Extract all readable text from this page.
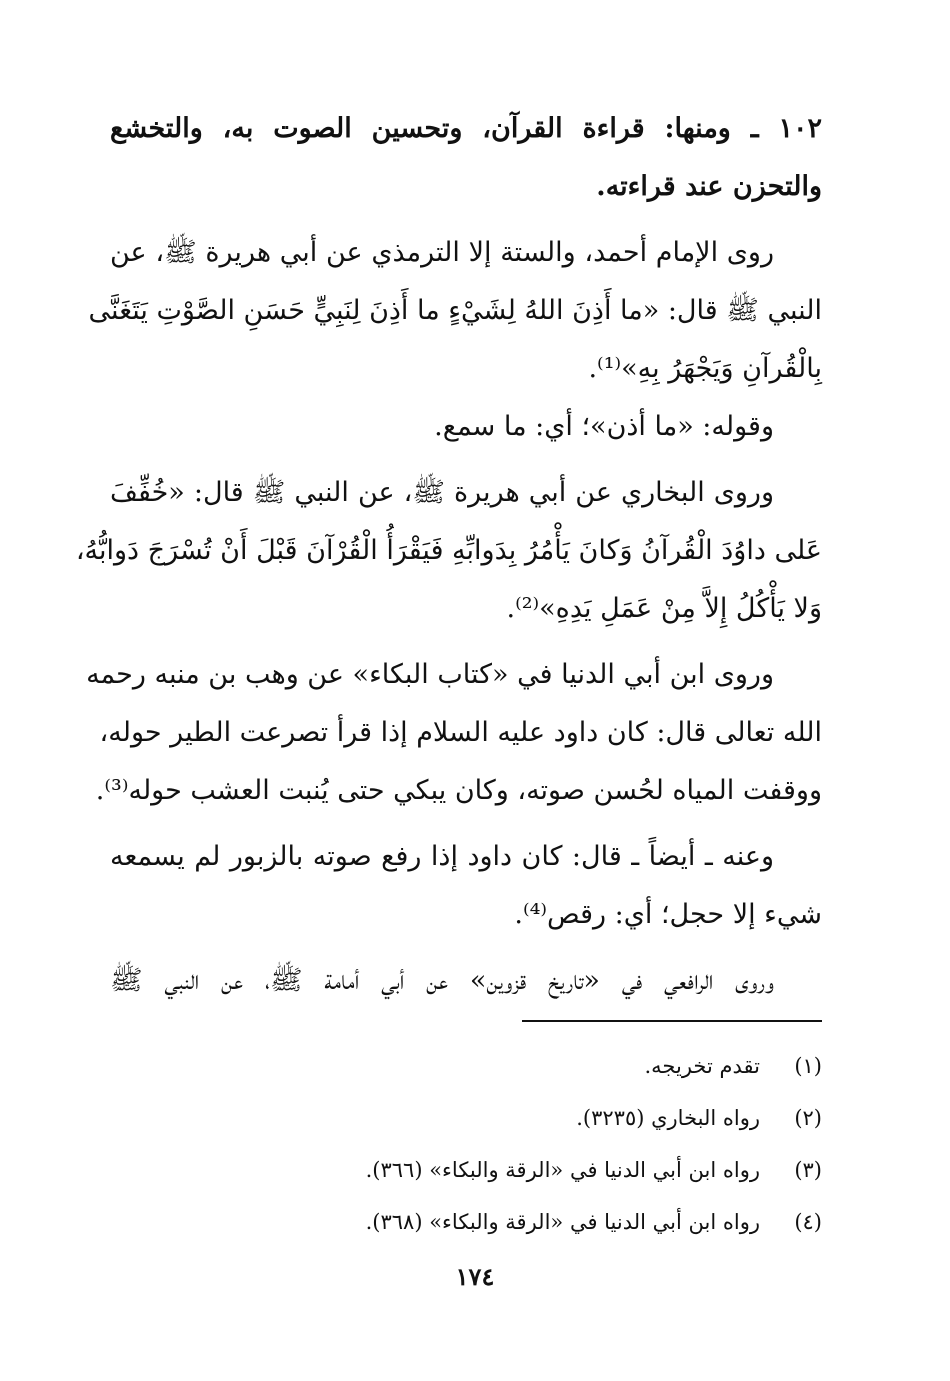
١٠٢ ـ ومنها: قراءة القرآن، وتحسين الصوت به، والتخشع
والتحزن عند قراءته.
روى الإمام أحمد، والستة إلا الترمذي عن أبي هريرة ﷺ، عن
النبي ﷺ قال: «ما أَذِنَ اللهُ لِشَيْءٍ ما أَذِنَ لِنَبِيٍّ حَسَنِ الصَّوْتِ يَتَغَنَّى
بِالْقُرآنِ وَيَجْهَرُ بِهِ»⁽¹⁾.
وقوله: «ما أذن»؛ أي: ما سمع.
وروى البخاري عن أبي هريرة ﷺ، عن النبي ﷺ قال: «خُفِّفَ
عَلى داوُدَ الْقُرآنُ وَكانَ يَأْمُرُ بِدَوابِّهِ فَيَقْرَأُ الْقُرْآنَ قَبْلَ أَنْ تُسْرَجَ دَوابُّهُ،
وَلا يَأْكُلُ إِلاَّ مِنْ عَمَلِ يَدِهِ»⁽²⁾.
وروى ابن أبي الدنيا في «كتاب البكاء» عن وهب بن منبه رحمه
الله تعالى قال: كان داود عليه السلام إذا قرأ تصرعت الطير حوله،
ووقفت المياه لحُسن صوته، وكان يبكي حتى يُنبت العشب حوله⁽³⁾.
وعنه ـ أيضاً ـ قال: كان داود إذا رفع صوته بالزبور لم يسمعه
شيء إلا حجل؛ أي: رقص⁽⁴⁾.
وروى الرافعي في «تاريخ قزوين» عن أبي أمامة ﷺ، عن النبي ﷺ
(١)
تقدم تخريجه.
(٢)
رواه البخاري (٣٢٣٥).
(٣)
رواه ابن أبي الدنيا في «الرقة والبكاء» (٣٦٦).
(٤)
رواه ابن أبي الدنيا في «الرقة والبكاء» (٣٦٨).
١٧٤
